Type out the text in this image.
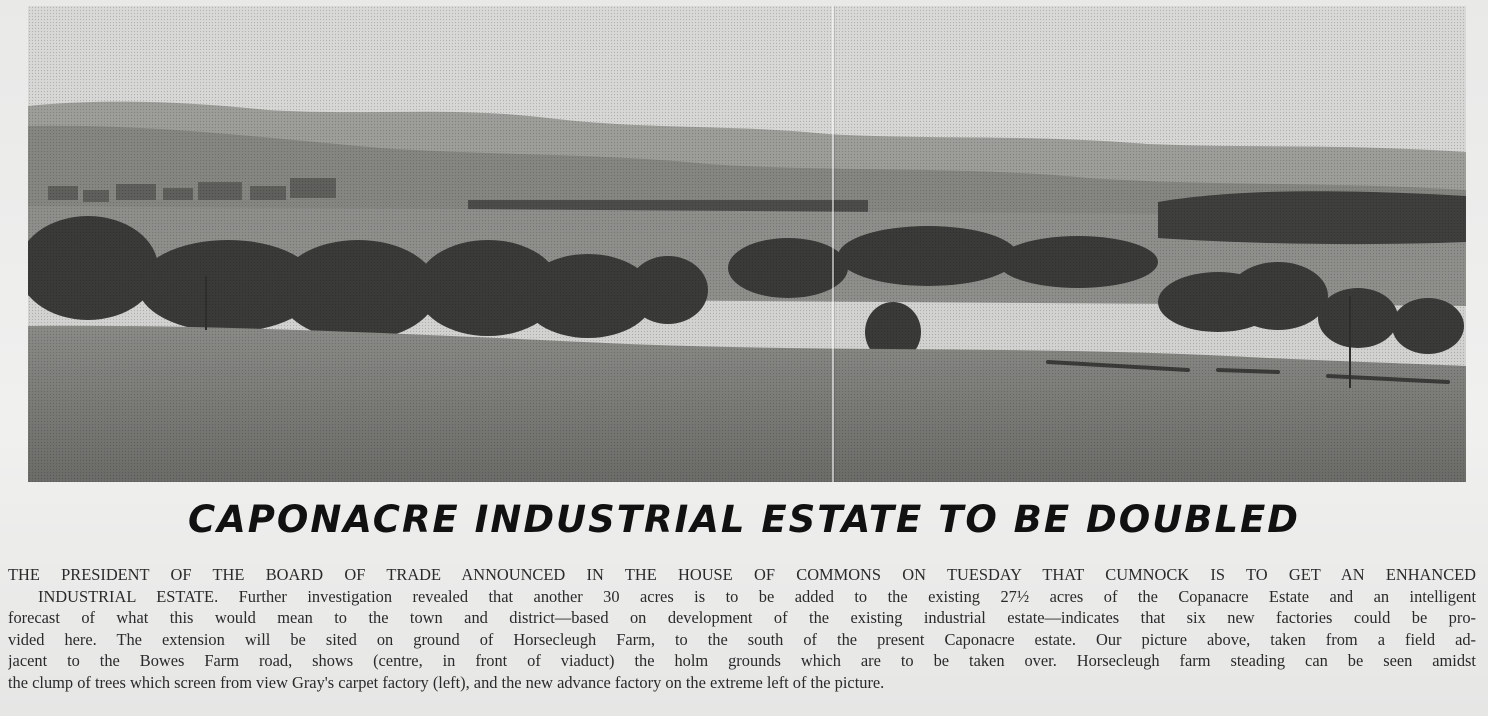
CAPONACRE INDUSTRIAL ESTATE TO BE DOUBLED
THE PRESIDENT OF THE BOARD OF TRADE ANNOUNCED IN THE HOUSE OF COMMONS ON TUESDAY THAT CUMNOCK IS TO GET AN ENHANCED
INDUSTRIAL ESTATE. Further investigation revealed that another 30 acres is to be added to the existing 27½ acres of the Copanacre Estate and an intelligent
forecast of what this would mean to the town and district—based on development of the existing industrial estate—indicates that six new factories could be pro-
vided here. The extension will be sited on ground of Horsecleugh Farm, to the south of the present Caponacre estate. Our picture above, taken from a field ad-
jacent to the Bowes Farm road, shows (centre, in front of viaduct) the holm grounds which are to be taken over. Horsecleugh farm steading can be seen amidst
the clump of trees which screen from view Gray's carpet factory (left), and the new advance factory on the extreme left of the picture.
